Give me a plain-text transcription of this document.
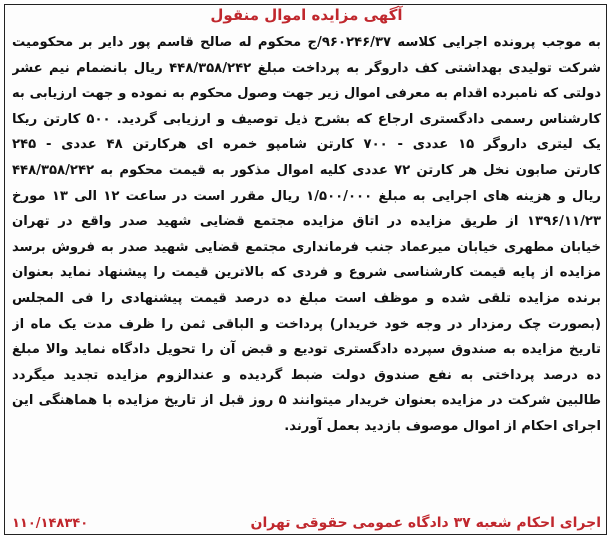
آگهی مزایده اموال منقول
به موجب پرونده اجرایی کلاسه ۹۶۰۲۴۶/۳۷/ج محکوم له صالح قاسم پور دایر بر محکومیت
شرکت تولیدی بهداشتی کف داروگر به پرداخت مبلغ ۴۴۸/۳۵۸/۲۴۲ ریال بانضمام نیم عشر
دولتی که نامبرده اقدام به معرفی اموال زیر جهت وصول محکوم به نموده و جهت ارزیابی به
کارشناس رسمی دادگستری ارجاع که بشرح ذیل توصیف و ارزیابی گردید. ۵۰۰ کارتن ریکا
یک لیتری داروگر ۱۵ عددی - ۷۰۰ کارتن شامپو خمره ای هرکارتن ۴۸ عددی - ۲۴۵
کارتن صابون نخل هر کارتن ۷۲ عددی کلیه اموال مذکور به قیمت محکوم به ۴۴۸/۳۵۸/۲۴۲
ریال و هزینه های اجرایی به مبلغ ۱/۵۰۰/۰۰۰ ریال مقرر است در ساعت ۱۲ الی ۱۳ مورخ
۱۳۹۶/۱۱/۲۳ از طریق مزایده در اتاق مزایده مجتمع قضایی شهید صدر واقع در تهران
خیابان مطهری خیابان میرعماد جنب فرمانداری مجتمع قضایی شهید صدر به فروش برسد
مزایده از پایه قیمت کارشناسی شروع و فردی که بالاترین قیمت را پیشنهاد نماید بعنوان
برنده مزایده تلقی شده و موظف است مبلغ ده درصد قیمت پیشنهادی را فی المجلس
(بصورت چک رمزدار در وجه خود خریدار) پرداخت و الباقی ثمن را ظرف مدت یک ماه از
تاریخ مزایده به صندوق سپرده دادگستری تودیع و قبض آن را تحویل دادگاه نماید والا مبلغ
ده درصد پرداختی به نفع صندوق دولت ضبط گردیده و عندالزوم مزایده تجدید میگردد
طالبین شرکت در مزایده بعنوان خریدار میتوانند ۵ روز قبل از تاریخ مزایده با هماهنگی این
اجرای احکام از اموال موصوف بازدید بعمل آورند.
اجرای احکام شعبه ۳۷ دادگاه عمومی حقوقی تهران
۱۱۰/۱۴۸۳۴۰
